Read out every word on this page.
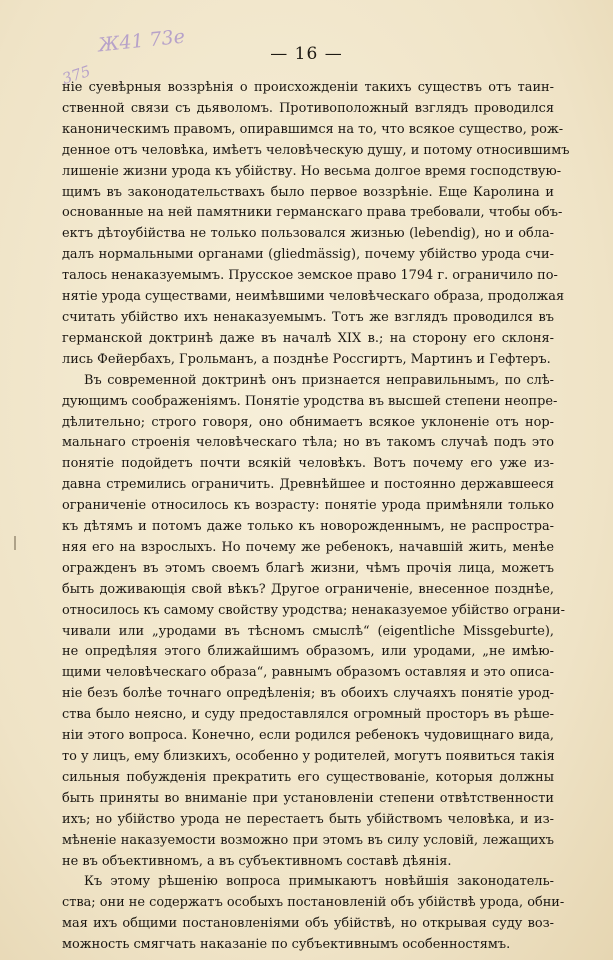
Ж41 73е
375
— 16 —
ніе суевѣрныя воззрѣнія о происхожденіи такихъ существъ отъ таин-
ственной связи съ дьяволомъ. Противоположный взглядъ проводился
каноническимъ правомъ, опиравшимся на то, что всякое существо, рож-
денное отъ человѣка, имѣетъ человѣческую душу, и потому относившимъ
лишеніе жизни урода къ убійству. Но весьма долгое время господствую-
щимъ въ законодательствахъ было первое воззрѣніе. Еще Каролина и
основанные на ней памятники германскаго права требовали, чтобы объ-
ектъ дѣтоубійства не только пользовался жизнью (lebendig), но и обла-
далъ нормальными органами (gliedmässig), почему убійство урода счи-
талось ненаказуемымъ. Прусское земское право 1794 г. ограничило по-
нятіе урода существами, неимѣвшими человѣческаго образа, продолжая
считать убійство ихъ ненаказуемымъ. Тотъ же взглядъ проводился въ
германской доктринѣ даже въ началѣ XIX в.; на сторону его склоня-
лись Фейербахъ, Грольманъ, а позднѣе Россгиртъ, Мартинъ и Гефтеръ.
Въ современной доктринѣ онъ признается неправильнымъ, по слѣ-
дующимъ соображеніямъ. Понятіе уродства въ высшей степени неопре-
дѣлительно; строго говоря, оно обнимаетъ всякое уклоненіе отъ нор-
мальнаго строенія человѣческаго тѣла; но въ такомъ случаѣ подъ это
понятіе подойдетъ почти всякій человѣкъ. Вотъ почему его уже из-
давна стремились ограничить. Древнѣйшее и постоянно державшееся
ограниченіе относилось къ возрасту: понятіе урода примѣняли только
къ дѣтямъ и потомъ даже только къ новорожденнымъ, не распростра-
няя его на взрослыхъ. Но почему же ребенокъ, начавшій жить, менѣе
огражденъ въ этомъ своемъ благѣ жизни, чѣмъ прочія лица, можетъ
быть доживающія свой вѣкъ? Другое ограниченіе, внесенное позднѣе,
относилось къ самому свойству уродства; ненаказуемое убійство ограни-
чивали или „уродами въ тѣсномъ смыслѣ“ (eigentliche Missgeburte),
не опредѣляя этого ближайшимъ образомъ, или уродами, „не имѣю-
щими человѣческаго образа“, равнымъ образомъ оставляя и это описа-
ніе безъ болѣе точнаго опредѣленія; въ обоихъ случаяхъ понятіе урод-
ства было неясно, и суду предоставлялся огромный просторъ въ рѣше-
ніи этого вопроса. Конечно, если родился ребенокъ чудовищнаго вида,
то у лицъ, ему близкихъ, особенно у родителей, могутъ появиться такія
сильныя побужденія прекратить его существованіе, которыя должны
быть приняты во вниманіе при установленіи степени отвѣтственности
ихъ; но убійство урода не перестаетъ быть убійствомъ человѣка, и из-
мѣненіе наказуемости возможно при этомъ въ силу условій, лежащихъ
не въ объективномъ, а въ субъективномъ составѣ дѣянія.
Къ этому рѣшенію вопроса примыкаютъ новѣйшія законодатель-
ства; они не содержатъ особыхъ постановленій объ убійствѣ урода, обни-
мая ихъ общими постановленіями объ убійствѣ, но открывая суду воз-
можность смягчать наказаніе по субъективнымъ особенностямъ.
